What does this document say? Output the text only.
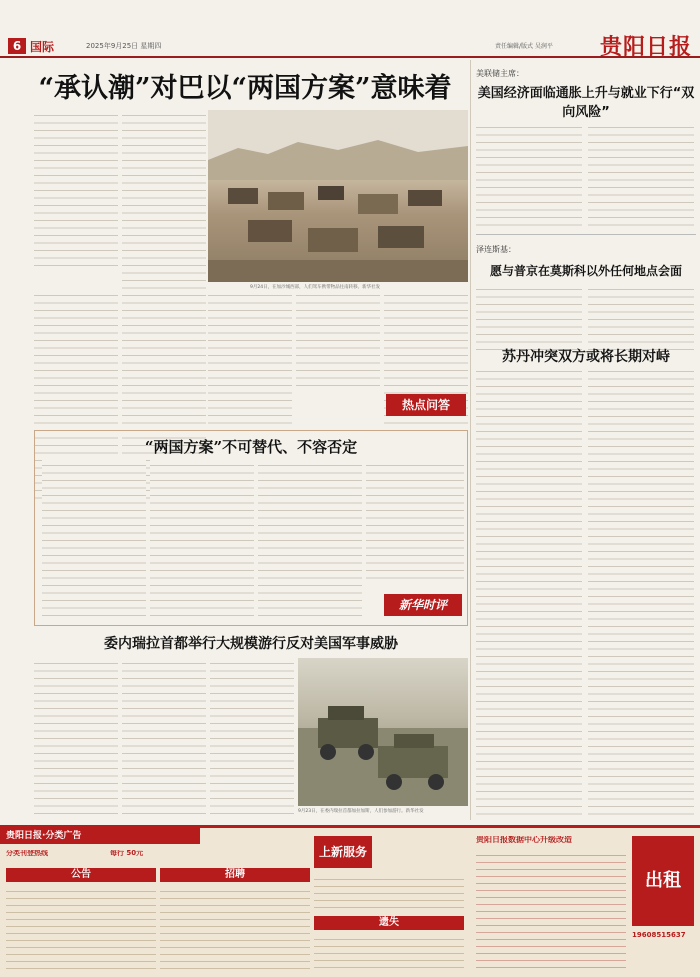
6 国际	2025年9月25日 星期四	责任编辑/版式 吴润平 贵阳日报
“承认潮”对巴以“两国方案”意味着
9月24日，在加沙城西部，人们驾车携带物品往南转移。新华社发
热点问答
美联储主席：
美国经济面临通胀上升与就业下行“双向风险”
泽连斯基：
愿与普京在莫斯科以外任何地点会面
苏丹冲突双方或将长期对峙
“两国方案”不可替代、不容否定
新华时评
委内瑞拉首都举行大规模游行反对美国军事威胁
9月23日，在委内瑞拉首都加拉加斯，人们参加游行。新华社发
贵阳日报·分类广告
分类刊登热线	每行 50元
公告	招聘
上新服务
遗失
贵阳日报数据中心升级改造
出租
19608515637
